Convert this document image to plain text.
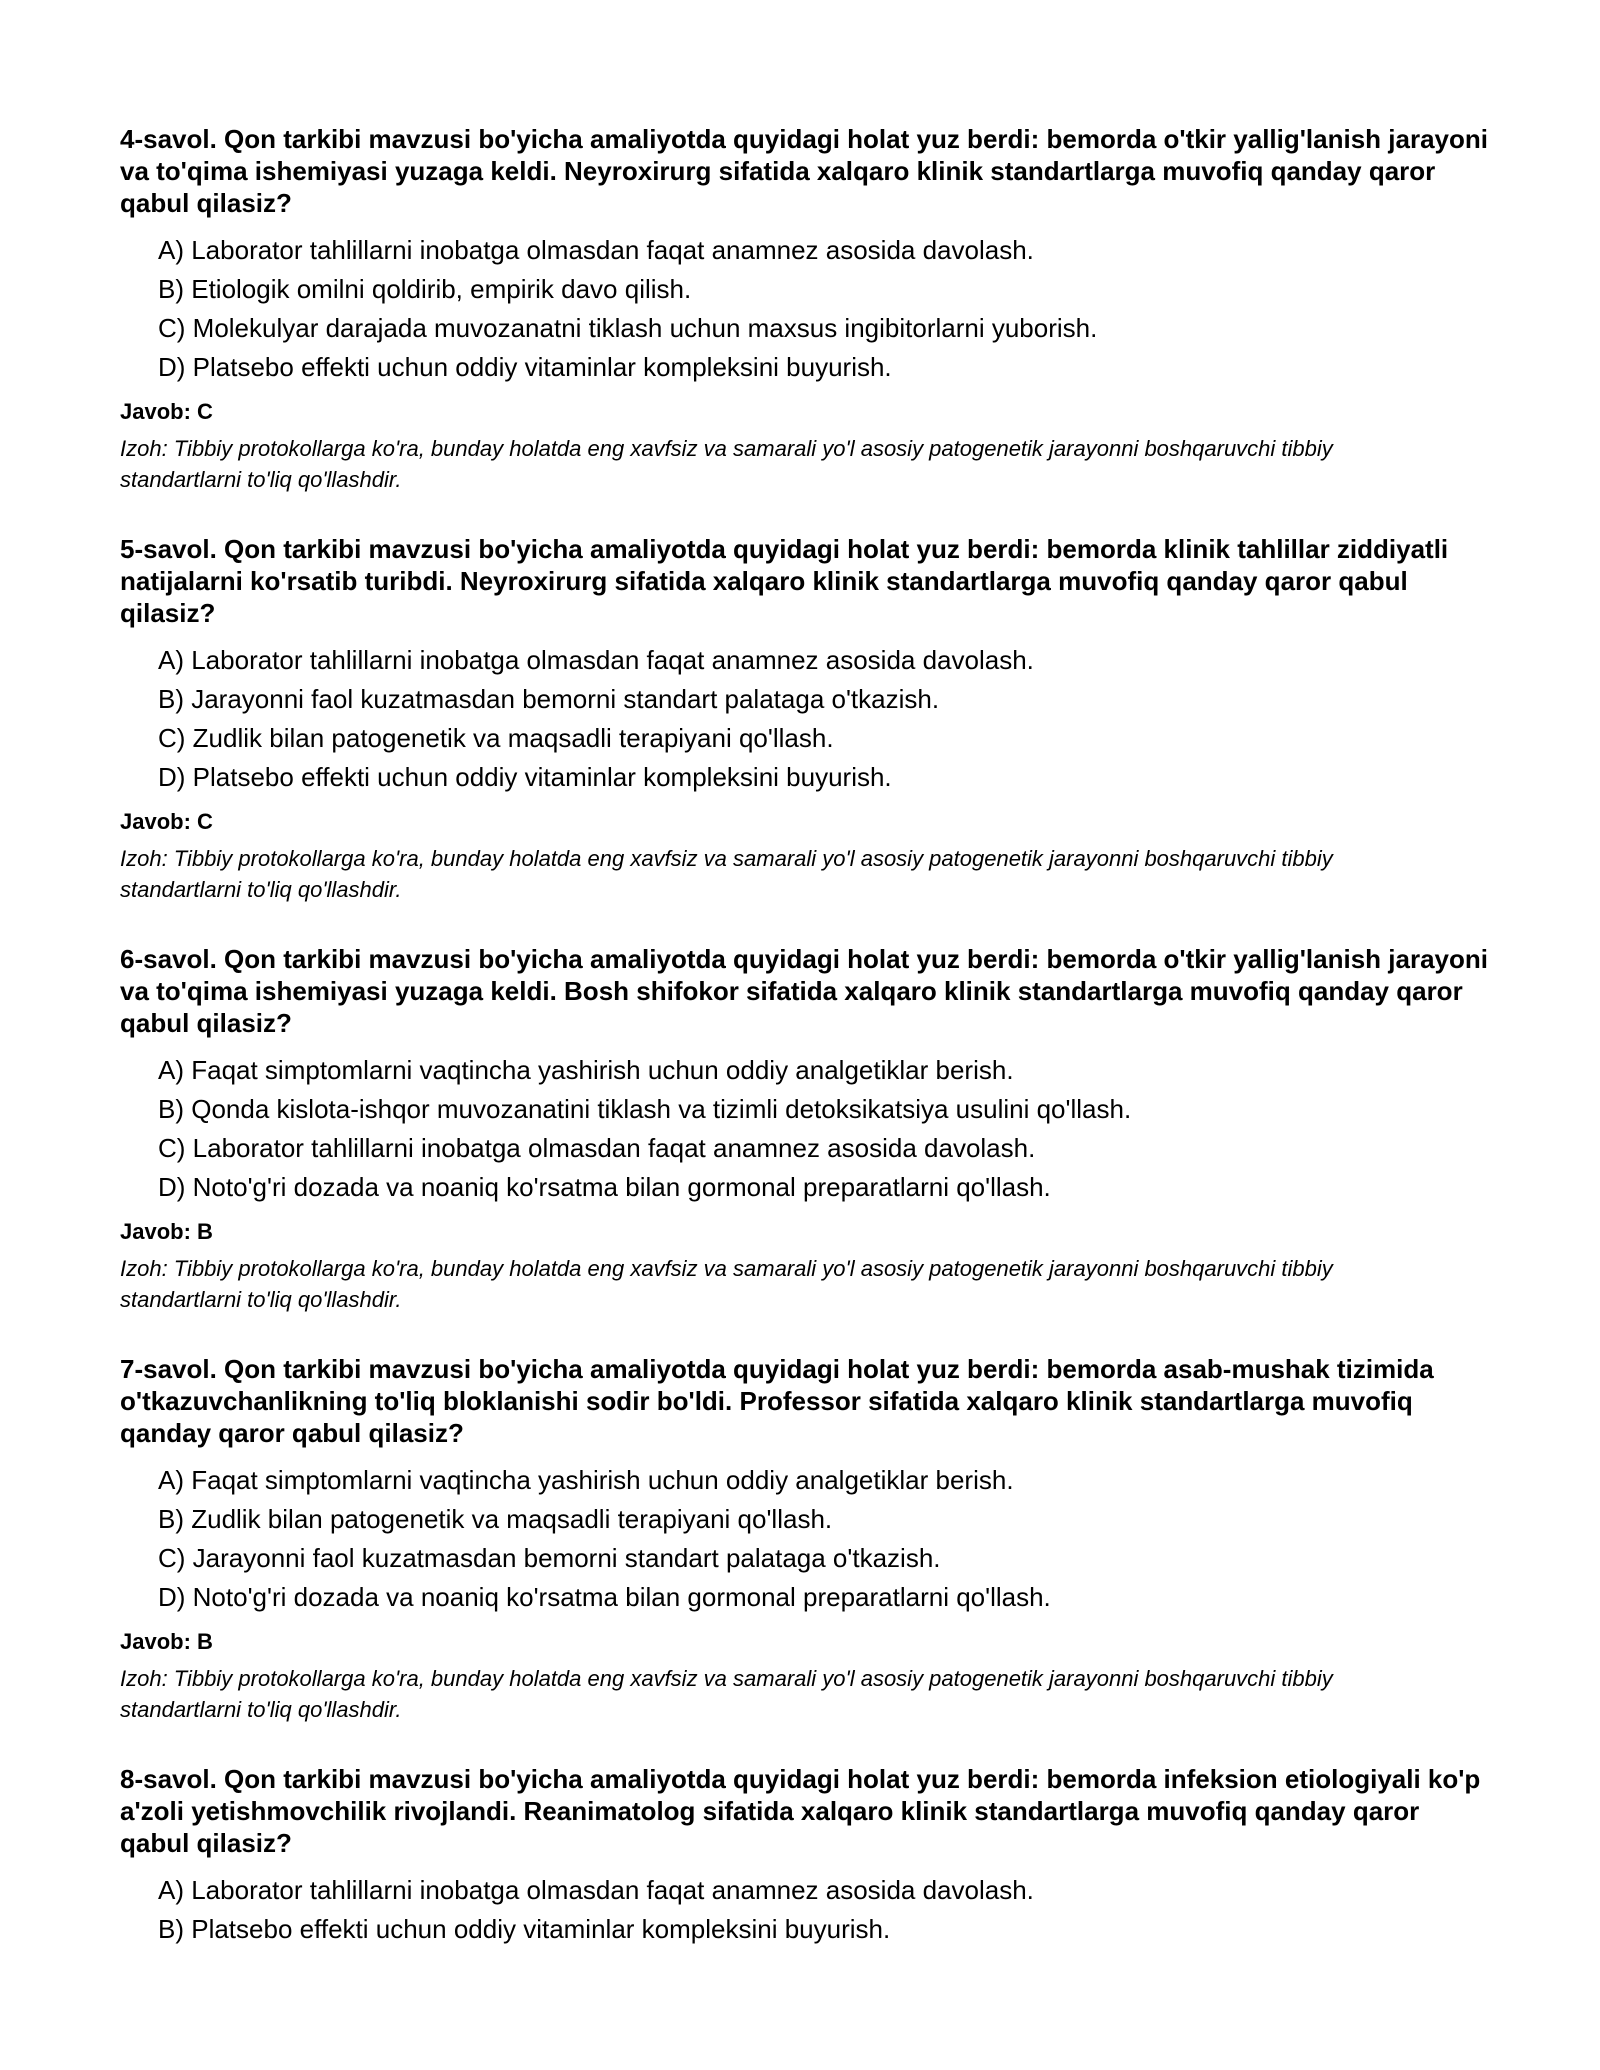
4-savol. Qon tarkibi mavzusi bo'yicha amaliyotda quyidagi holat yuz berdi: bemorda o'tkir yallig'lanish jarayoni va to'qima ishemiyasi yuzaga keldi. Neyroxirurg sifatida xalqaro klinik standartlarga muvofiq qanday qaror qabul qilasiz?
A) Laborator tahlillarni inobatga olmasdan faqat anamnez asosida davolash.
B) Etiologik omilni qoldirib, empirik davo qilish.
C) Molekulyar darajada muvozanatni tiklash uchun maxsus ingibitorlarni yuborish.
D) Platsebo effekti uchun oddiy vitaminlar kompleksini buyurish.
Javob: C
Izoh: Tibbiy protokollarga ko'ra, bunday holatda eng xavfsiz va samarali yo'l asosiy patogenetik jarayonni boshqaruvchi tibbiy standartlarni to'liq qo'llashdir.
5-savol. Qon tarkibi mavzusi bo'yicha amaliyotda quyidagi holat yuz berdi: bemorda klinik tahlillar ziddiyatli natijalarni ko'rsatib turibdi. Neyroxirurg sifatida xalqaro klinik standartlarga muvofiq qanday qaror qabul qilasiz?
A) Laborator tahlillarni inobatga olmasdan faqat anamnez asosida davolash.
B) Jarayonni faol kuzatmasdan bemorni standart palataga o'tkazish.
C) Zudlik bilan patogenetik va maqsadli terapiyani qo'llash.
D) Platsebo effekti uchun oddiy vitaminlar kompleksini buyurish.
Javob: C
Izoh: Tibbiy protokollarga ko'ra, bunday holatda eng xavfsiz va samarali yo'l asosiy patogenetik jarayonni boshqaruvchi tibbiy standartlarni to'liq qo'llashdir.
6-savol. Qon tarkibi mavzusi bo'yicha amaliyotda quyidagi holat yuz berdi: bemorda o'tkir yallig'lanish jarayoni va to'qima ishemiyasi yuzaga keldi. Bosh shifokor sifatida xalqaro klinik standartlarga muvofiq qanday qaror qabul qilasiz?
A) Faqat simptomlarni vaqtincha yashirish uchun oddiy analgetiklar berish.
B) Qonda kislota-ishqor muvozanatini tiklash va tizimli detoksikatsiya usulini qo'llash.
C) Laborator tahlillarni inobatga olmasdan faqat anamnez asosida davolash.
D) Noto'g'ri dozada va noaniq ko'rsatma bilan gormonal preparatlarni qo'llash.
Javob: B
Izoh: Tibbiy protokollarga ko'ra, bunday holatda eng xavfsiz va samarali yo'l asosiy patogenetik jarayonni boshqaruvchi tibbiy standartlarni to'liq qo'llashdir.
7-savol. Qon tarkibi mavzusi bo'yicha amaliyotda quyidagi holat yuz berdi: bemorda asab-mushak tizimida o'tkazuvchanlikning to'liq bloklanishi sodir bo'ldi. Professor sifatida xalqaro klinik standartlarga muvofiq qanday qaror qabul qilasiz?
A) Faqat simptomlarni vaqtincha yashirish uchun oddiy analgetiklar berish.
B) Zudlik bilan patogenetik va maqsadli terapiyani qo'llash.
C) Jarayonni faol kuzatmasdan bemorni standart palataga o'tkazish.
D) Noto'g'ri dozada va noaniq ko'rsatma bilan gormonal preparatlarni qo'llash.
Javob: B
Izoh: Tibbiy protokollarga ko'ra, bunday holatda eng xavfsiz va samarali yo'l asosiy patogenetik jarayonni boshqaruvchi tibbiy standartlarni to'liq qo'llashdir.
8-savol. Qon tarkibi mavzusi bo'yicha amaliyotda quyidagi holat yuz berdi: bemorda infeksion etiologiyali ko'p a'zoli yetishmovchilik rivojlandi. Reanimatolog sifatida xalqaro klinik standartlarga muvofiq qanday qaror qabul qilasiz?
A) Laborator tahlillarni inobatga olmasdan faqat anamnez asosida davolash.
B) Platsebo effekti uchun oddiy vitaminlar kompleksini buyurish.
